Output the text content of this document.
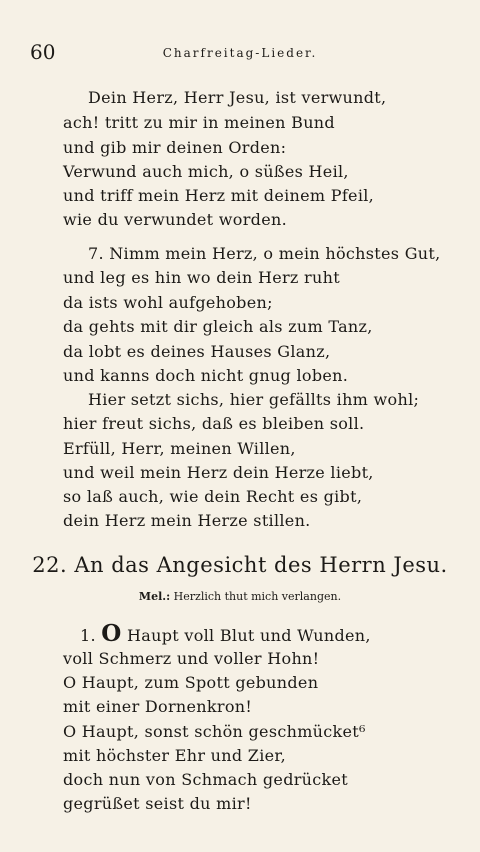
60	Charfreitag-Lieder.
Dein Herz, Herr Jesu, ist verwundt,
ach! tritt zu mir in meinen Bund
und gib mir deinen Orden:
Verwund auch mich, o süßes Heil,
und triff mein Herz mit deinem Pfeil,
wie du verwundet worden.
7. Nimm mein Herz, o mein höchstes Gut,
und leg es hin wo dein Herz ruht
da ists wohl aufgehoben;
da gehts mit dir gleich als zum Tanz,
da lobt es deines Hauses Glanz,
und kanns doch nicht gnug loben.
Hier setzt sichs, hier gefällts ihm wohl;
hier freut sichs, daß es bleiben soll.
Erfüll, Herr, meinen Willen,
und weil mein Herz dein Herze liebt,
so laß auch, wie dein Recht es gibt,
dein Herz mein Herze stillen.
22. An das Angesicht des Herrn Jesu.
Mel.: Herzlich thut mich verlangen.
1. O Haupt voll Blut und Wunden,
voll Schmerz und voller Hohn!
O Haupt, zum Spott gebunden
mit einer Dornenkron!
O Haupt, sonst schön geschmücket⁶
mit höchster Ehr und Zier,
doch nun von Schmach gedrücket
gegrüßet seist du mir!
